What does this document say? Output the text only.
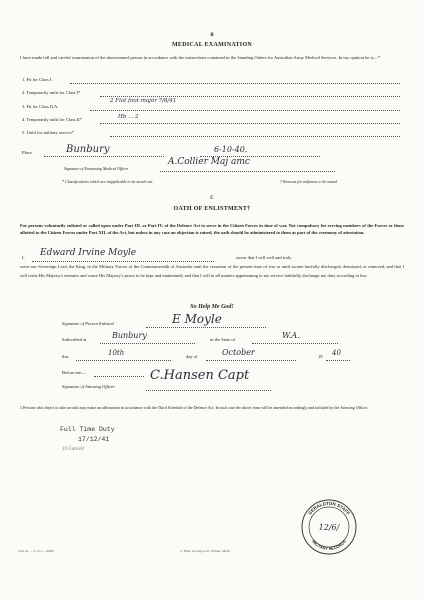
B
MEDICAL EXAMINATION
I have made full and careful examination of the abovenamed person in accordance with the instructions contained in the Standing Orders for Australian Army Medical Services. In my opinion he is—*
1. Fit for Class I.
2. Temporarily unfit for Class I*
3. Fit for Class II.A.
2 Flat foot major 7/8/41
4. Temporarily unfit for Class II*	Hb ... 2
5. Unfit for military service*
Place	Bunbury	6-10-40.
Signature of Examining Medical Officer
A.Collier Maj amc
* Classifications which are inapplicable to be struck out.	† Reasons for unfitness to be stated.
C
OATH OF ENLISTMENT†
For persons voluntarily enlisted or called upon under Part III. or Part IV. of the Defence Act to serve in the Citizen Forces in time of war. Not compulsory for serving members of the Forces or those allotted to the Citizen Forces under Part XII. of the Act, but unless in any case an objection is raised, the oath should be administered to them as part of the ceremony of attestation.
I, Edward Irvine Moyle	swear that I will well and truly
serve our Sovereign Lord, the King, in the Military Forces of the Commonwealth of Australia until the cessation of the present time of war or until sooner lawfully discharged, dismissed, or removed, and that I will resist His Majesty's enemies and cause His Majesty's peace to be kept and maintained, and that I will in all matters appertaining to my service faithfully discharge my duty according to law.
So Help Me God!
Signature of Person Enlisted	E Moyle
Subscribed at	Bunbury	in the State of	W.A.
this	10th	day of	October	19 40
Before me—
Signature of Attesting Officer
C.Hansen Capt
‡ Persons who object to take an oath may make an affirmation in accordance with the Third Schedule of the Defence Act. In such case the above form will be amended accordingly and initialed by the Attesting Officer.
Full Time Duty
17/12/41
19 Cancell
10.2.41 — C./Co.—4000.	T. Eller, Acting Govt. Printer, Melb.
GERALDTON STAFF
MILITARY RECORDS
12/6/
